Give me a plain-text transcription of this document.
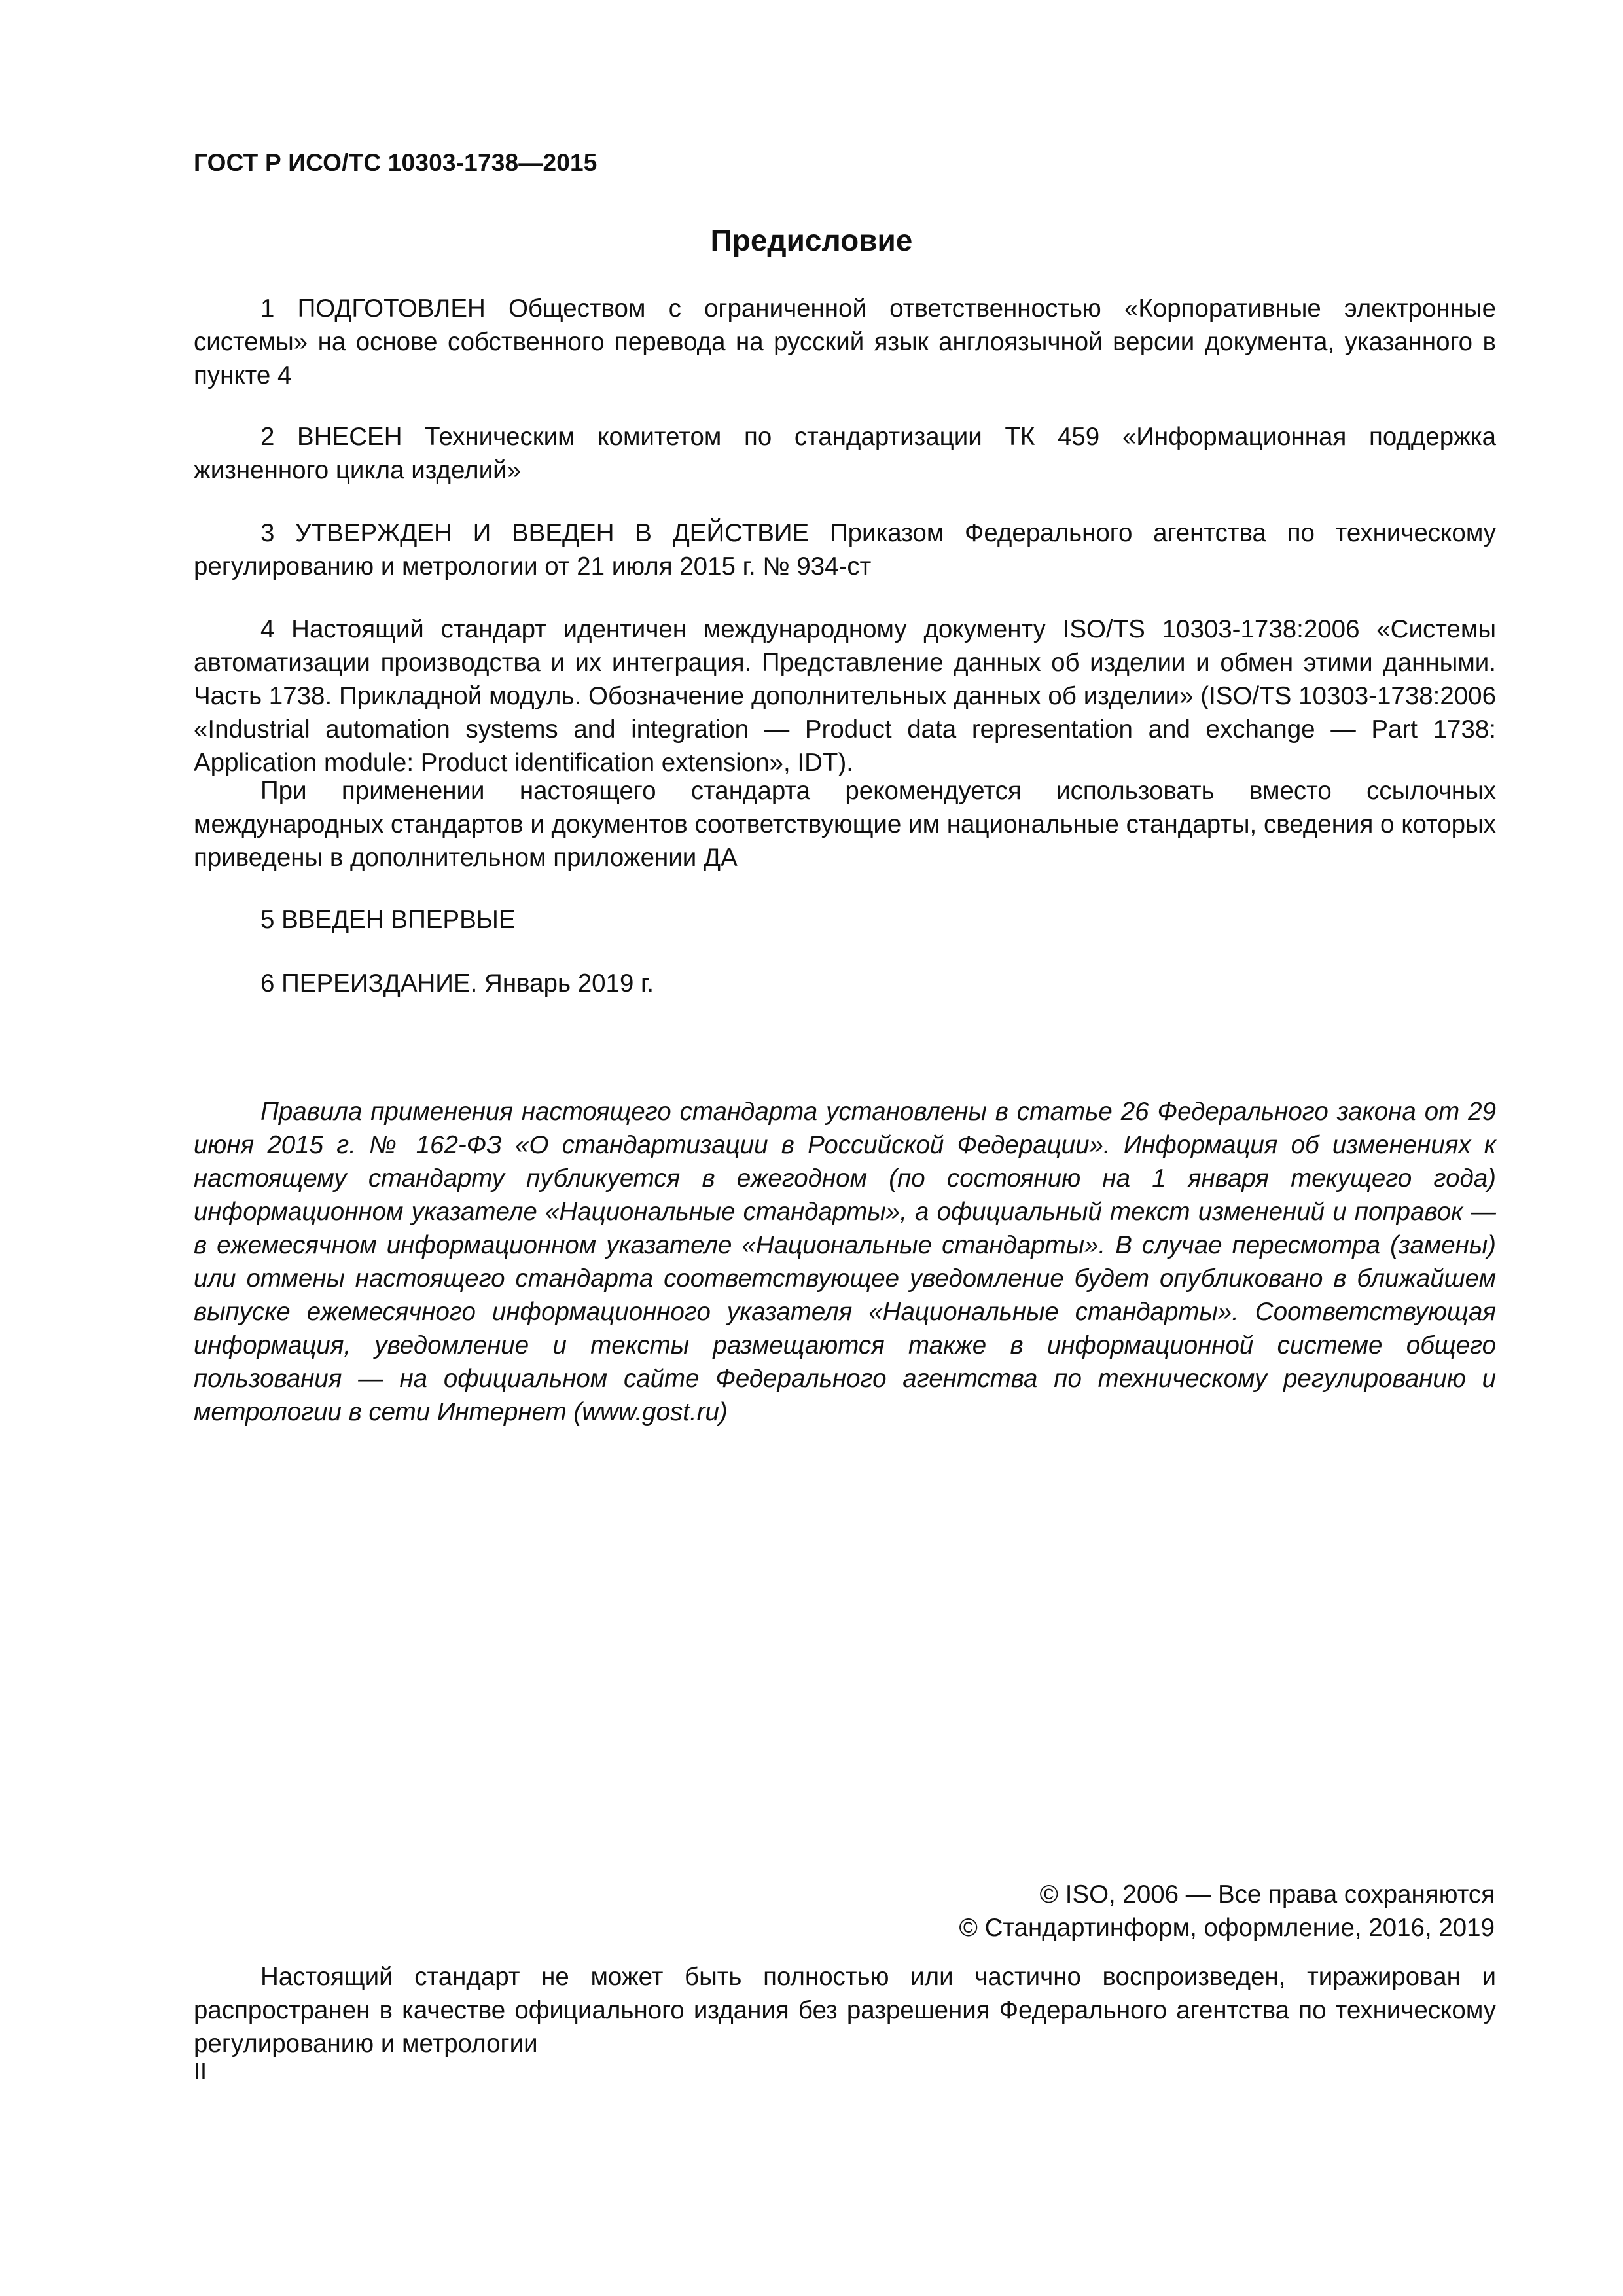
ГОСТ Р ИСО/ТС 10303-1738—2015
Предисловие

1 ПОДГОТОВЛЕН Обществом с ограниченной ответственностью «Корпоративные электронные системы» на основе собственного перевода на русский язык англоязычной версии документа, указанного в пункте 4

2 ВНЕСЕН Техническим комитетом по стандартизации ТК 459 «Информационная поддержка жизненного цикла изделий»

3 УТВЕРЖДЕН И ВВЕДЕН В ДЕЙСТВИЕ Приказом Федерального агентства по техническому регулированию и метрологии от 21 июля 2015 г. № 934-ст

4 Настоящий стандарт идентичен международному документу ISO/TS 10303-1738:2006 «Системы автоматизации производства и их интеграция. Представление данных об изделии и обмен этими данными. Часть 1738. Прикладной модуль. Обозначение дополнительных данных об изделии» (ISO/TS 10303-1738:2006 «Industrial automation systems and integration — Product data representation and exchange — Part 1738: Application module: Product identification extension», IDT).

При применении настоящего стандарта рекомендуется использовать вместо ссылочных международных стандартов и документов соответствующие им национальные стандарты, сведения о которых приведены в дополнительном приложении ДА

5 ВВЕДЕН ВПЕРВЫЕ

6 ПЕРЕИЗДАНИЕ. Январь 2019 г.

Правила применения настоящего стандарта установлены в статье 26 Федерального закона от 29 июня 2015 г. № 162-ФЗ «О стандартизации в Российской Федерации». Информация об изменениях к настоящему стандарту публикуется в ежегодном (по состоянию на 1 января текущего года) информационном указателе «Национальные стандарты», а официальный текст изменений и поправок — в ежемесячном информационном указателе «Национальные стандарты». В случае пересмотра (замены) или отмены настоящего стандарта соответствующее уведомление будет опубликовано в ближайшем выпуске ежемесячного информационного указателя «Национальные стандарты». Соответствующая информация, уведомление и тексты размещаются также в информационной системе общего пользования — на официальном сайте Федерального агентства по техническому регулированию и метрологии в сети Интернет (www.gost.ru)

© ISO, 2006 — Все права сохраняются
© Стандартинформ, оформление, 2016, 2019

Настоящий стандарт не может быть полностью или частично воспроизведен, тиражирован и распространен в качестве официального издания без разрешения Федерального агентства по техническому регулированию и метрологии

II
